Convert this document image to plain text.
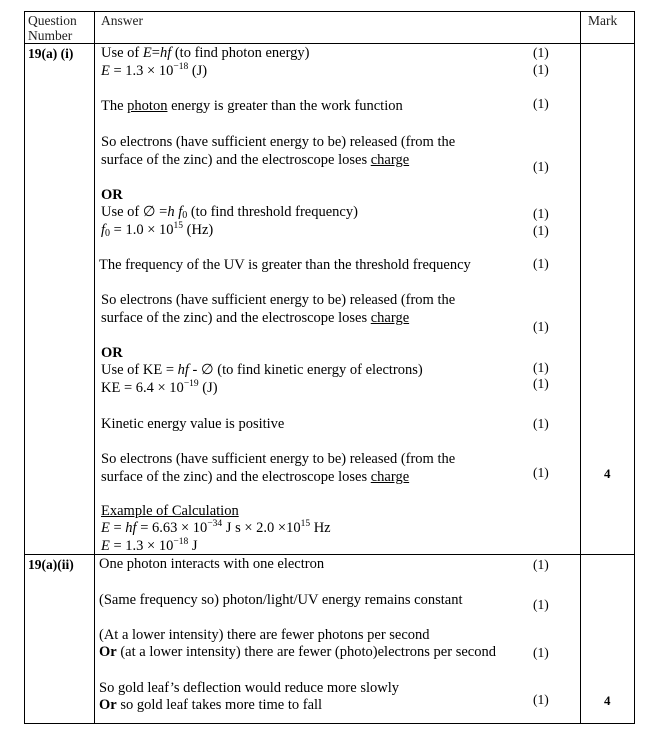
Question
Number
Answer	Mark
19(a) (i) Use of E=hf (to find photon energy)	(1)
$E = 1.3 \times 10^{-18}$ (J)	(1)
The photon energy is greater than the work function	(1)
So electrons (have sufficient energy to be) released (from the
surface of the zinc) and the electroscope loses charge	(1)
OR
Use of ∅ =h $f_0$ (to find threshold frequency)	(1)
$f_0 = 1.0 \times 10^{15}$ (Hz)	(1)
The frequency of the UV is greater than the threshold frequency	(1)
So electrons (have sufficient energy to be) released (from the
surface of the zinc) and the electroscope loses charge
(1)
OR
Use of KE = hf - ∅ (to find kinetic energy of electrons)	(1)
KE = $6.4 \times 10^{-19}$ (J)	(1)
Kinetic energy value is positive	(1)
So electrons (have sufficient energy to be) released (from the
surface of the zinc) and the electroscope loses charge	(1)	4
Example of Calculation
E = hf = $6.63 \times 10^{-34}$ J $s \times 2.0 \times 10^{15}$ Hz
$E = 1.3 \times 10^{-18}$ J
19(a)(ii) One photon interacts with one electron	(1)
(Same frequency so) photon/light/UV energy remains constant	(1)
(At a lower intensity) there are fewer photons per second
Or (at a lower intensity) there are fewer (photo)electrons per second	(1)
So gold leaf’s deflection would reduce more slowly
Or so gold leaf takes more time to fall	(1)	4
